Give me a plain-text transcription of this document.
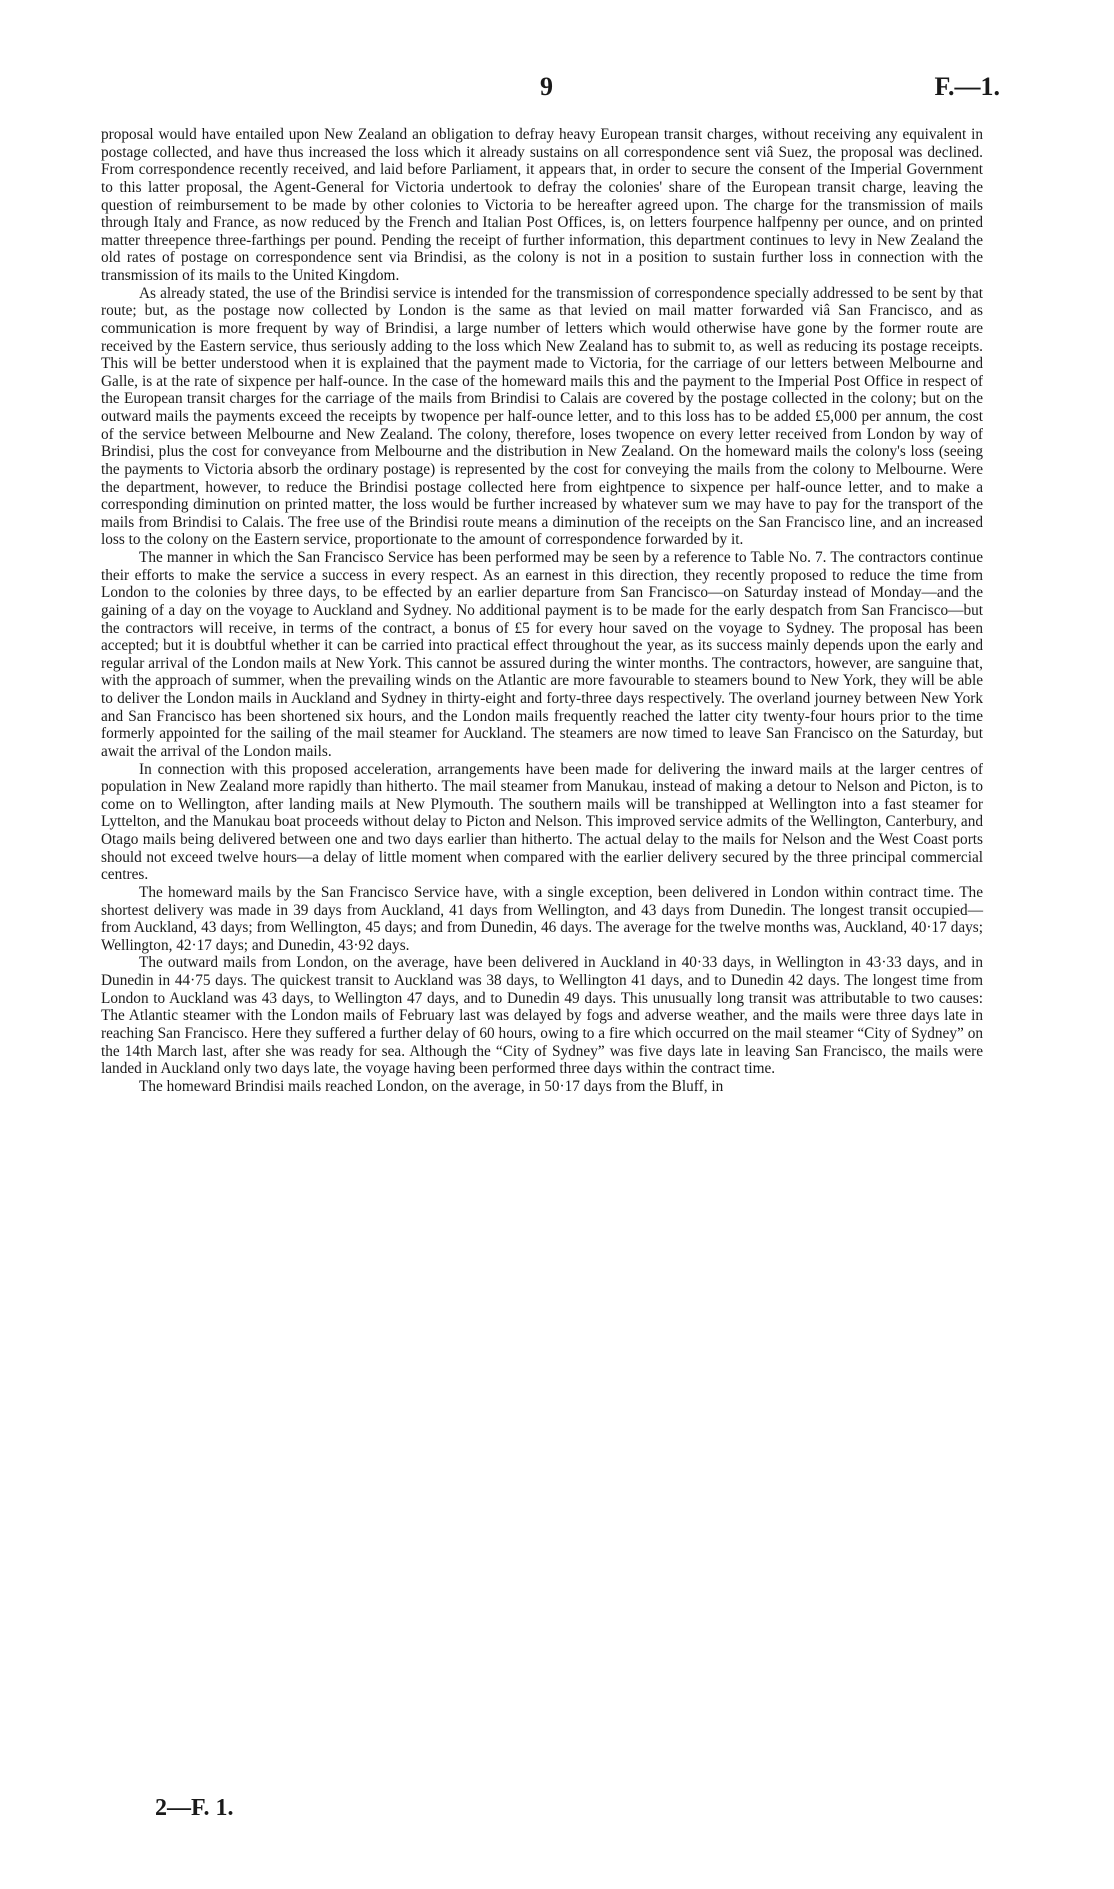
9	F.—1.

proposal would have entailed upon New Zealand an obligation to defray heavy European transit charges, without receiving any equivalent in postage collected, and have thus increased the loss which it already sustains on all correspondence sent viâ Suez, the proposal was declined. From correspondence recently received, and laid before Parliament, it appears that, in order to secure the consent of the Imperial Government to this latter proposal, the Agent-General for Victoria undertook to defray the colonies' share of the European transit charge, leaving the question of reimbursement to be made by other colonies to Victoria to be hereafter agreed upon. The charge for the transmission of mails through Italy and France, as now reduced by the French and Italian Post Offices, is, on letters fourpence halfpenny per ounce, and on printed matter threepence three-farthings per pound. Pending the receipt of further information, this department continues to levy in New Zealand the old rates of postage on correspondence sent via Brindisi, as the colony is not in a position to sustain further loss in connection with the transmission of its mails to the United Kingdom.

As already stated, the use of the Brindisi service is intended for the transmission of correspondence specially addressed to be sent by that route; but, as the postage now collected by London is the same as that levied on mail matter forwarded viâ San Francisco, and as communication is more frequent by way of Brindisi, a large number of letters which would otherwise have gone by the former route are received by the Eastern service, thus seriously adding to the loss which New Zealand has to submit to, as well as reducing its postage receipts. This will be better understood when it is explained that the payment made to Victoria, for the carriage of our letters between Melbourne and Galle, is at the rate of sixpence per half-ounce. In the case of the homeward mails this and the payment to the Imperial Post Office in respect of the European transit charges for the carriage of the mails from Brindisi to Calais are covered by the postage collected in the colony; but on the outward mails the payments exceed the receipts by twopence per half-ounce letter, and to this loss has to be added £5,000 per annum, the cost of the service between Melbourne and New Zealand. The colony, therefore, loses twopence on every letter received from London by way of Brindisi, plus the cost for conveyance from Melbourne and the distribution in New Zealand. On the homeward mails the colony's loss (seeing the payments to Victoria absorb the ordinary postage) is represented by the cost for conveying the mails from the colony to Melbourne. Were the department, however, to reduce the Brindisi postage collected here from eightpence to sixpence per half-ounce letter, and to make a corresponding diminution on printed matter, the loss would be further increased by whatever sum we may have to pay for the transport of the mails from Brindisi to Calais. The free use of the Brindisi route means a diminution of the receipts on the San Francisco line, and an increased loss to the colony on the Eastern service, proportionate to the amount of correspondence forwarded by it.

The manner in which the San Francisco Service has been performed may be seen by a reference to Table No. 7. The contractors continue their efforts to make the service a success in every respect. As an earnest in this direction, they recently proposed to reduce the time from London to the colonies by three days, to be effected by an earlier departure from San Francisco—on Saturday instead of Monday—and the gaining of a day on the voyage to Auckland and Sydney. No additional payment is to be made for the early despatch from San Francisco—but the contractors will receive, in terms of the contract, a bonus of £5 for every hour saved on the voyage to Sydney. The proposal has been accepted; but it is doubtful whether it can be carried into practical effect throughout the year, as its success mainly depends upon the early and regular arrival of the London mails at New York. This cannot be assured during the winter months. The contractors, however, are sanguine that, with the approach of summer, when the prevailing winds on the Atlantic are more favourable to steamers bound to New York, they will be able to deliver the London mails in Auckland and Sydney in thirty-eight and forty-three days respectively. The overland journey between New York and San Francisco has been shortened six hours, and the London mails frequently reached the latter city twenty-four hours prior to the time formerly appointed for the sailing of the mail steamer for Auckland. The steamers are now timed to leave San Francisco on the Saturday, but await the arrival of the London mails.

In connection with this proposed acceleration, arrangements have been made for delivering the inward mails at the larger centres of population in New Zealand more rapidly than hitherto. The mail steamer from Manukau, instead of making a detour to Nelson and Picton, is to come on to Wellington, after landing mails at New Plymouth. The southern mails will be transhipped at Wellington into a fast steamer for Lyttelton, and the Manukau boat proceeds without delay to Picton and Nelson. This improved service admits of the Wellington, Canterbury, and Otago mails being delivered between one and two days earlier than hitherto. The actual delay to the mails for Nelson and the West Coast ports should not exceed twelve hours—a delay of little moment when compared with the earlier delivery secured by the three principal commercial centres.

The homeward mails by the San Francisco Service have, with a single exception, been delivered in London within contract time. The shortest delivery was made in 39 days from Auckland, 41 days from Wellington, and 43 days from Dunedin. The longest transit occupied—from Auckland, 43 days; from Wellington, 45 days; and from Dunedin, 46 days. The average for the twelve months was, Auckland, 40·17 days; Wellington, 42·17 days; and Dunedin, 43·92 days.

The outward mails from London, on the average, have been delivered in Auckland in 40·33 days, in Wellington in 43·33 days, and in Dunedin in 44·75 days. The quickest transit to Auckland was 38 days, to Wellington 41 days, and to Dunedin 42 days. The longest time from London to Auckland was 43 days, to Wellington 47 days, and to Dunedin 49 days. This unusually long transit was attributable to two causes: The Atlantic steamer with the London mails of February last was delayed by fogs and adverse weather, and the mails were three days late in reaching San Francisco. Here they suffered a further delay of 60 hours, owing to a fire which occurred on the mail steamer “City of Sydney” on the 14th March last, after she was ready for sea. Although the “City of Sydney” was five days late in leaving San Francisco, the mails were landed in Auckland only two days late, the voyage having been performed three days within the contract time.

The homeward Brindisi mails reached London, on the average, in 50·17 days from the Bluff, in

2—F. 1.
